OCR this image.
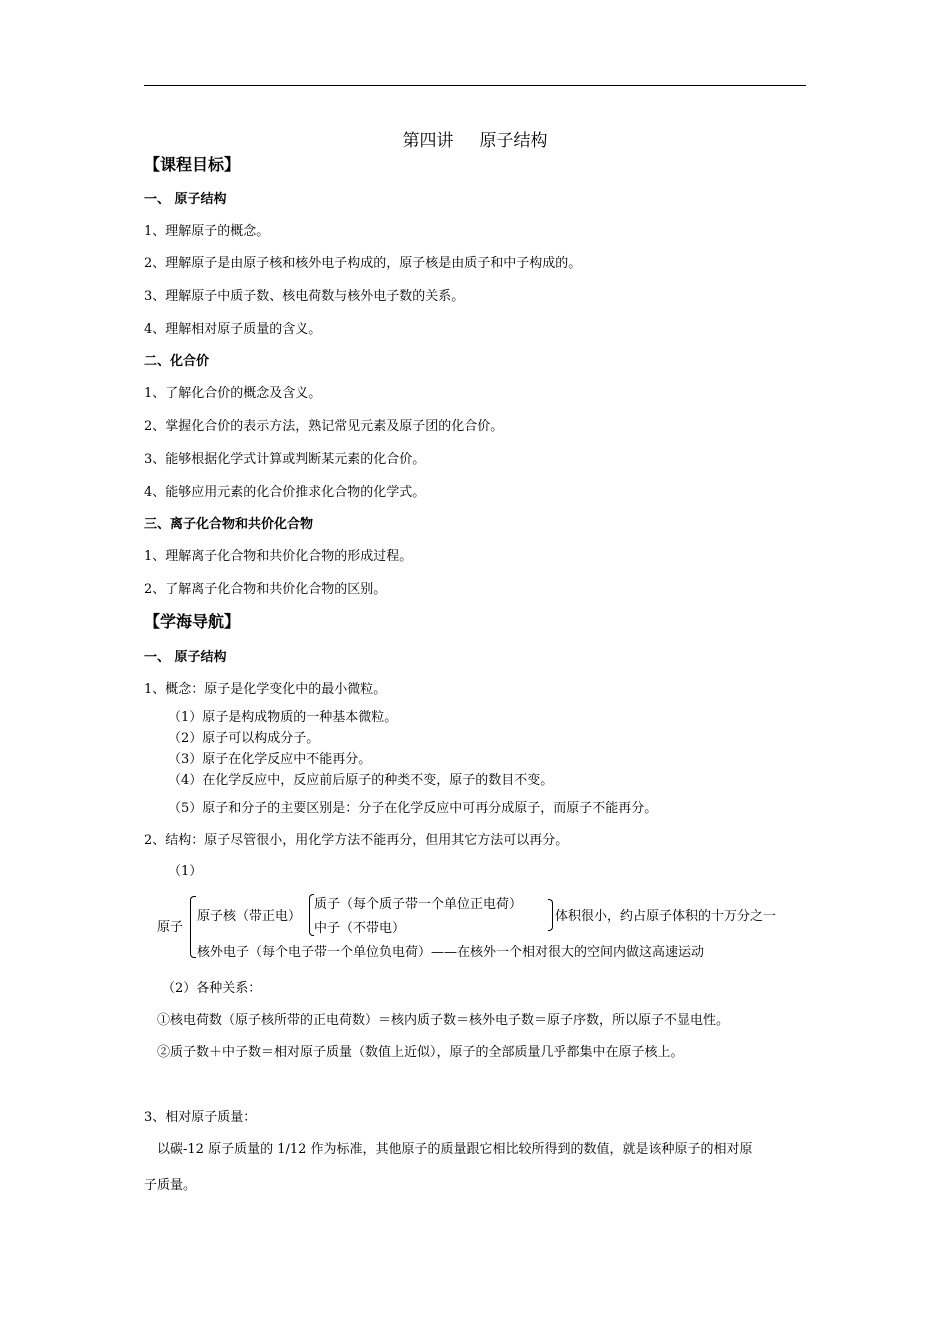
第四讲 原子结构
【课程目标】
一、 原子结构
1、理解原子的概念。
2、理解原子是由原子核和核外电子构成的，原子核是由质子和中子构成的。
3、理解原子中质子数、核电荷数与核外电子数的关系。
4、理解相对原子质量的含义。
二、化合价
1、了解化合价的概念及含义。
2、掌握化合价的表示方法，熟记常见元素及原子团的化合价。
3、能够根据化学式计算或判断某元素的化合价。
4、能够应用元素的化合价推求化合物的化学式。
三、离子化合物和共价化合物
1、理解离子化合物和共价化合物的形成过程。
2、了解离子化合物和共价化合物的区别。
【学海导航】
一、 原子结构
1、概念：原子是化学变化中的最小微粒。
（1）原子是构成物质的一种基本微粒。
（2）原子可以构成分子。
（3）原子在化学反应中不能再分。
（4）在化学反应中，反应前后原子的种类不变，原子的数目不变。
（5）原子和分子的主要区别是：分子在化学反应中可再分成原子，而原子不能再分。
2、结构：原子尽管很小，用化学方法不能再分，但用其它方法可以再分。
（1）
原子
原子核（带正电）
质子（每个质子带一个单位正电荷）
中子（不带电）
体积很小，约占原子体积的十万分之一
核外电子（每个电子带一个单位负电荷）——在核外一个相对很大的空间内做这高速运动
（2）各种关系：
①核电荷数（原子核所带的正电荷数）＝核内质子数＝核外电子数＝原子序数，所以原子不显电性。
②质子数＋中子数＝相对原子质量（数值上近似），原子的全部质量几乎都集中在原子核上。
3、相对原子质量：
以碳-12 原子质量的 1/12 作为标准，其他原子的质量跟它相比较所得到的数值，就是该种原子的相对原
子质量。
